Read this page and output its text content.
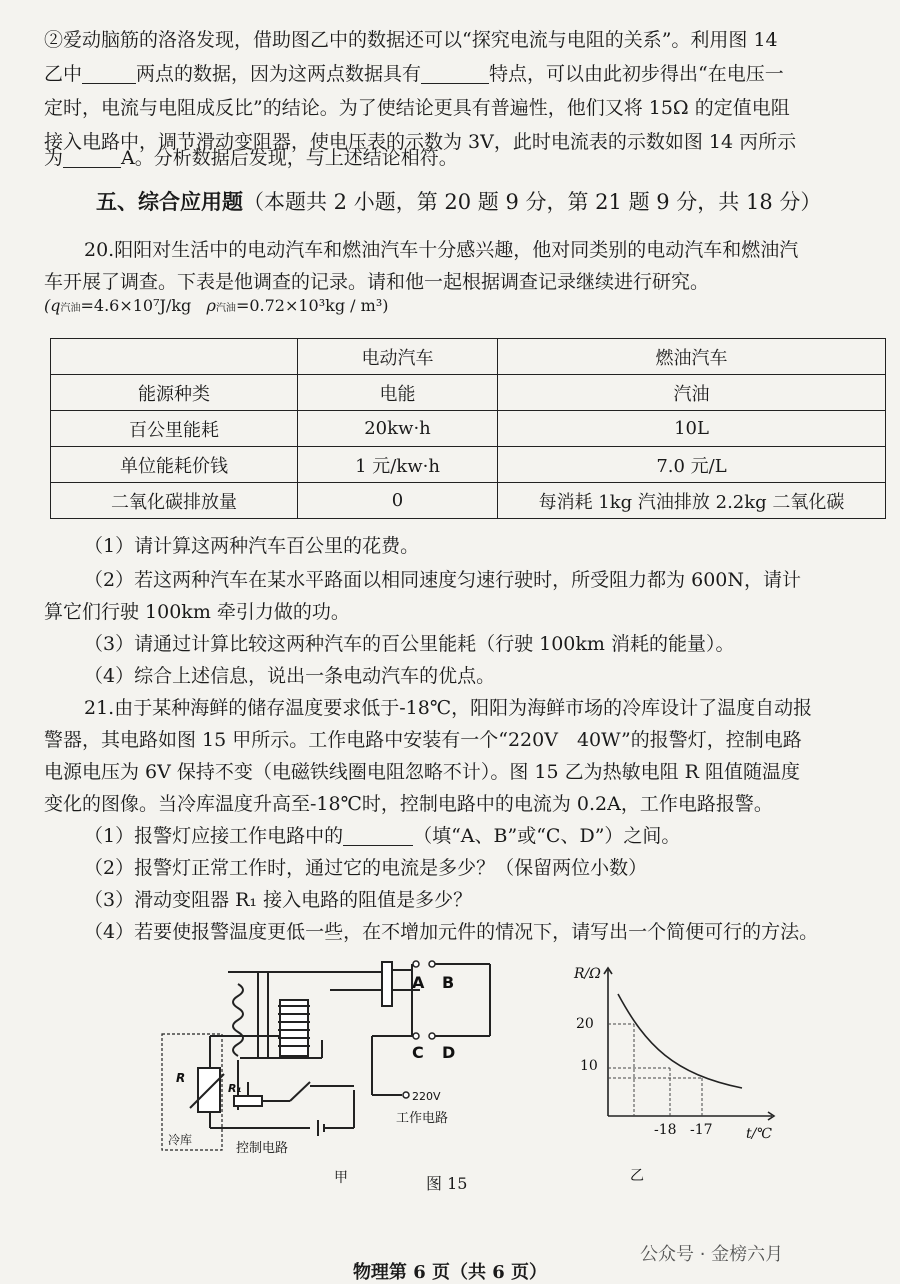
②爱动脑筋的洛洛发现，借助图乙中的数据还可以“探究电流与电阻的关系”。利用图 14
乙中	两点的数据，因为这两点数据具有	特点，可以由此初步得出“在电压一
定时，电流与电阻成反比”的结论。为了使结论更具有普遍性，他们又将 15Ω 的定值电阻
接入电路中，调节滑动变阻器，使电压表的示数为 3V，此时电流表的示数如图 14 丙所示
为	A。分析数据后发现，与上述结论相符。
五、综合应用题（本题共 2 小题，第 20 题 9 分，第 21 题 9 分，共 18 分）
20.阳阳对生活中的电动汽车和燃油汽车十分感兴趣，他对同类别的电动汽车和燃油汽
车开展了调查。下表是他调查的记录。请和他一起根据调查记录继续进行研究。
(q汽油=4.6×10⁷J/kg ρ汽油=0.72×10³kg / m³)
	电动汽车	燃油汽车
能源种类	电能	汽油
百公里能耗	20kw·h	10L
单位能耗价钱	1 元/kw·h	7.0 元/L
二氧化碳排放量	0	每消耗 1kg 汽油排放 2.2kg 二氧化碳
（1）请计算这两种汽车百公里的花费。
（2）若这两种汽车在某水平路面以相同速度匀速行驶时，所受阻力都为 600N，请计
算它们行驶 100km 牵引力做的功。
（3）请通过计算比较这两种汽车的百公里能耗（行驶 100km 消耗的能量）。
（4）综合上述信息，说出一条电动汽车的优点。
21.由于某种海鲜的储存温度要求低于-18℃，阳阳为海鲜市场的冷库设计了温度自动报
警器，其电路如图 15 甲所示。工作电路中安装有一个“220V　40W”的报警灯，控制电路
电源电压为 6V 保持不变（电磁铁线圈电阻忽略不计）。图 15 乙为热敏电阻 R 阻值随温度
变化的图像。当冷库温度升高至-18℃时，控制电路中的电流为 0.2A，工作电路报警。
（1）报警灯应接工作电路中的	（填“A、B”或“C、D”）之间。
（2）报警灯正常工作时，通过它的电流是多少？（保留两位小数）
（3）滑动变阻器 R₁ 接入电路的阻值是多少？
（4）若要使报警温度更低一些，在不增加元件的情况下，请写出一个简便可行的方法。
A B
C D
220V
工作电路
控制电路
R
R₁
冷库
甲
R/Ω
20
10
-18 -17 t/℃
乙
图 15
物理第 6 页（共 6 页）
公众号 · 金榜六月
